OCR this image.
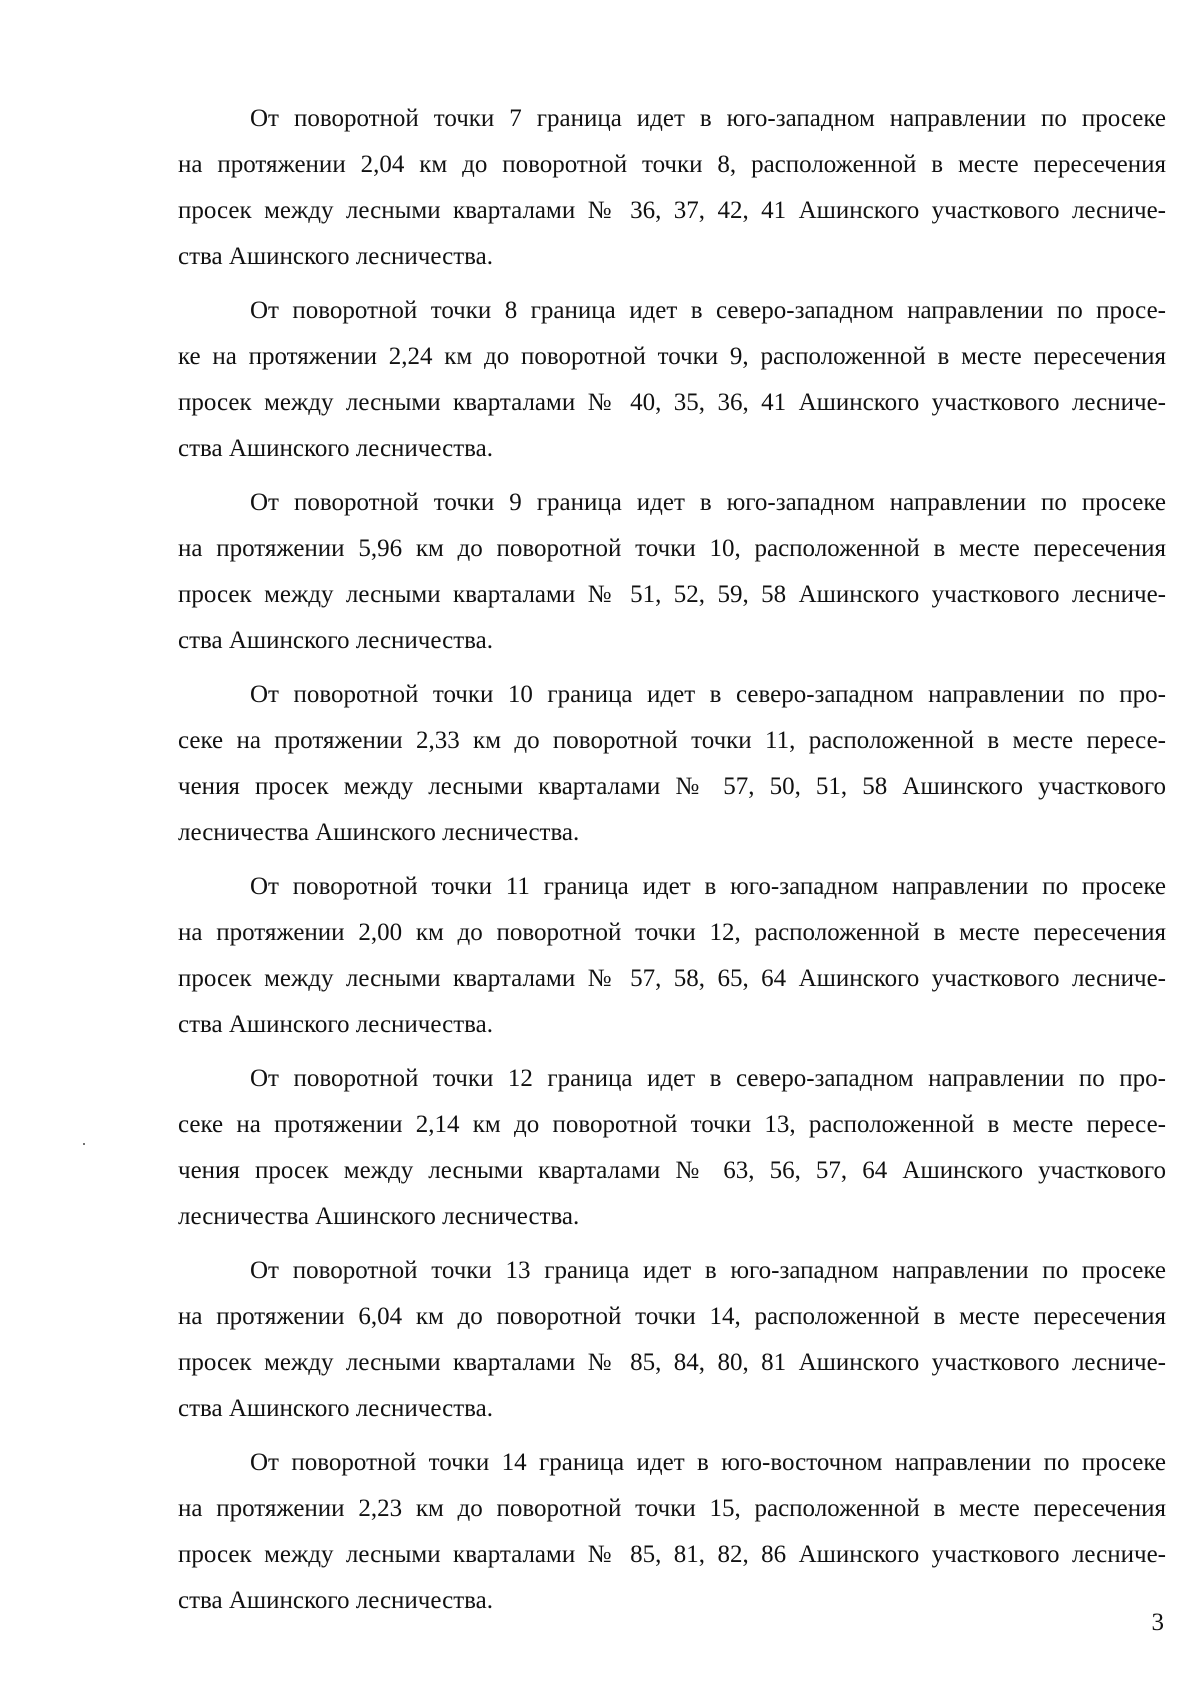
От поворотной точки 7 граница идет в юго-западном направлении по просеке
на протяжении 2,04 км до поворотной точки 8, расположенной в месте пересечения
просек между лесными кварталами № 36, 37, 42, 41 Ашинского участкового лесниче-
ства Ашинского лесничества.
От поворотной точки 8 граница идет в северо-западном направлении по просе-
ке на протяжении 2,24 км до поворотной точки 9, расположенной в месте пересечения
просек между лесными кварталами № 40, 35, 36, 41 Ашинского участкового лесниче-
ства Ашинского лесничества.
От поворотной точки 9 граница идет в юго-западном направлении по просеке
на протяжении 5,96 км до поворотной точки 10, расположенной в месте пересечения
просек между лесными кварталами № 51, 52, 59, 58 Ашинского участкового лесниче-
ства Ашинского лесничества.
От поворотной точки 10 граница идет в северо-западном направлении по про-
секе на протяжении 2,33 км до поворотной точки 11, расположенной в месте пересе-
чения просек между лесными кварталами № 57, 50, 51, 58 Ашинского участкового
лесничества Ашинского лесничества.
От поворотной точки 11 граница идет в юго-западном направлении по просеке
на протяжении 2,00 км до поворотной точки 12, расположенной в месте пересечения
просек между лесными кварталами № 57, 58, 65, 64 Ашинского участкового лесниче-
ства Ашинского лесничества.
От поворотной точки 12 граница идет в северо-западном направлении по про-
секе на протяжении 2,14 км до поворотной точки 13, расположенной в месте пересе-
чения просек между лесными кварталами № 63, 56, 57, 64 Ашинского участкового
лесничества Ашинского лесничества.
От поворотной точки 13 граница идет в юго-западном направлении по просеке
на протяжении 6,04 км до поворотной точки 14, расположенной в месте пересечения
просек между лесными кварталами № 85, 84, 80, 81 Ашинского участкового лесниче-
ства Ашинского лесничества.
От поворотной точки 14 граница идет в юго-восточном направлении по просеке
на протяжении 2,23 км до поворотной точки 15, расположенной в месте пересечения
просек между лесными кварталами № 85, 81, 82, 86 Ашинского участкового лесниче-
ства Ашинского лесничества.
3
